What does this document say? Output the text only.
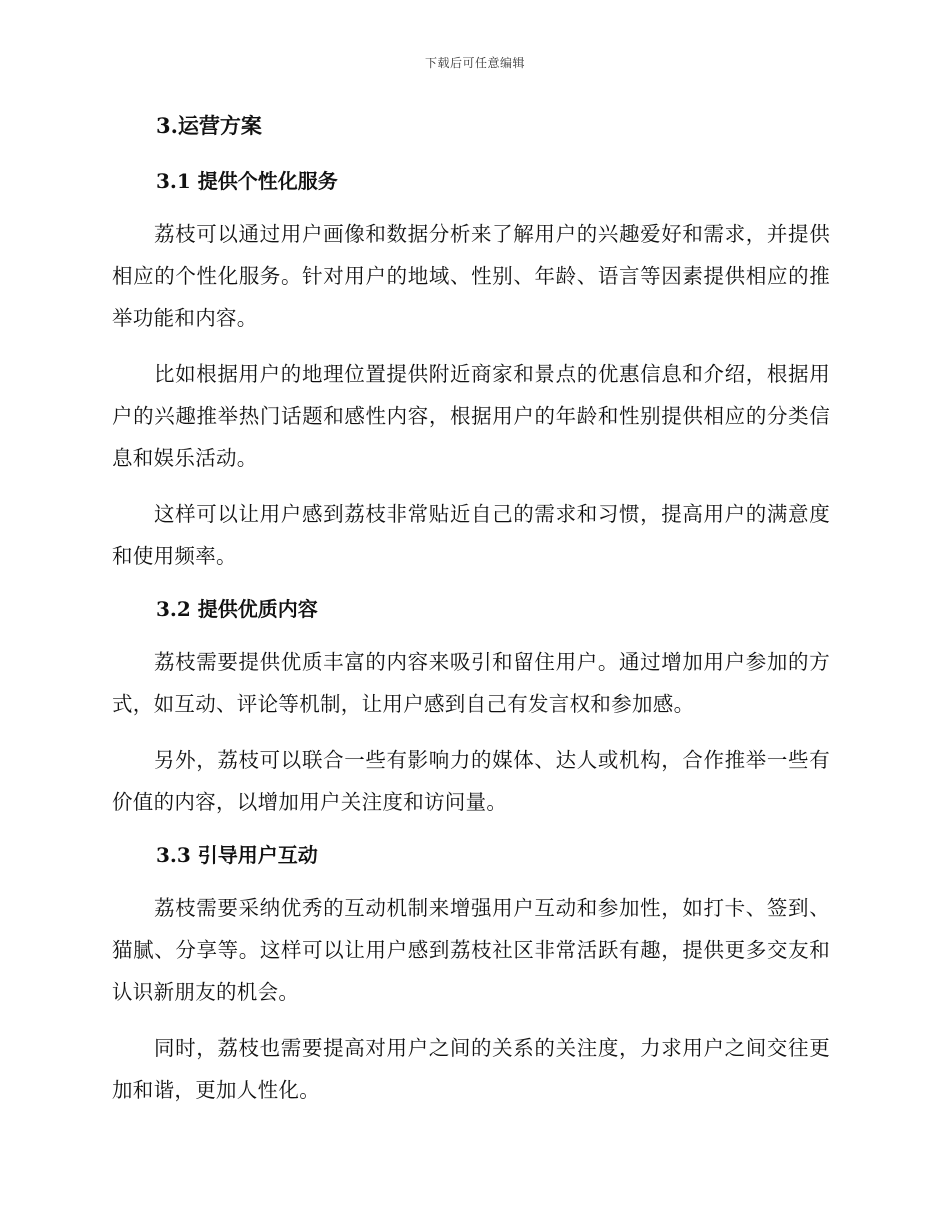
下载后可任意编辑
3.运营方案
3.1 提供个性化服务

荔枝可以通过用户画像和数据分析来了解用户的兴趣爱好和需求，并提供相应的个性化服务。针对用户的地域、性别、年龄、语言等因素提供相应的推举功能和内容。

比如根据用户的地理位置提供附近商家和景点的优惠信息和介绍，根据用户的兴趣推举热门话题和感性内容，根据用户的年龄和性别提供相应的分类信息和娱乐活动。

这样可以让用户感到荔枝非常贴近自己的需求和习惯，提高用户的满意度和使用频率。

3.2 提供优质内容

荔枝需要提供优质丰富的内容来吸引和留住用户。通过增加用户参加的方式，如互动、评论等机制，让用户感到自己有发言权和参加感。

另外，荔枝可以联合一些有影响力的媒体、达人或机构，合作推举一些有价值的内容，以增加用户关注度和访问量。

3.3 引导用户互动

荔枝需要采纳优秀的互动机制来增强用户互动和参加性，如打卡、签到、猫腻、分享等。这样可以让用户感到荔枝社区非常活跃有趣，提供更多交友和认识新朋友的机会。

同时，荔枝也需要提高对用户之间的关系的关注度，力求用户之间交往更加和谐，更加人性化。
